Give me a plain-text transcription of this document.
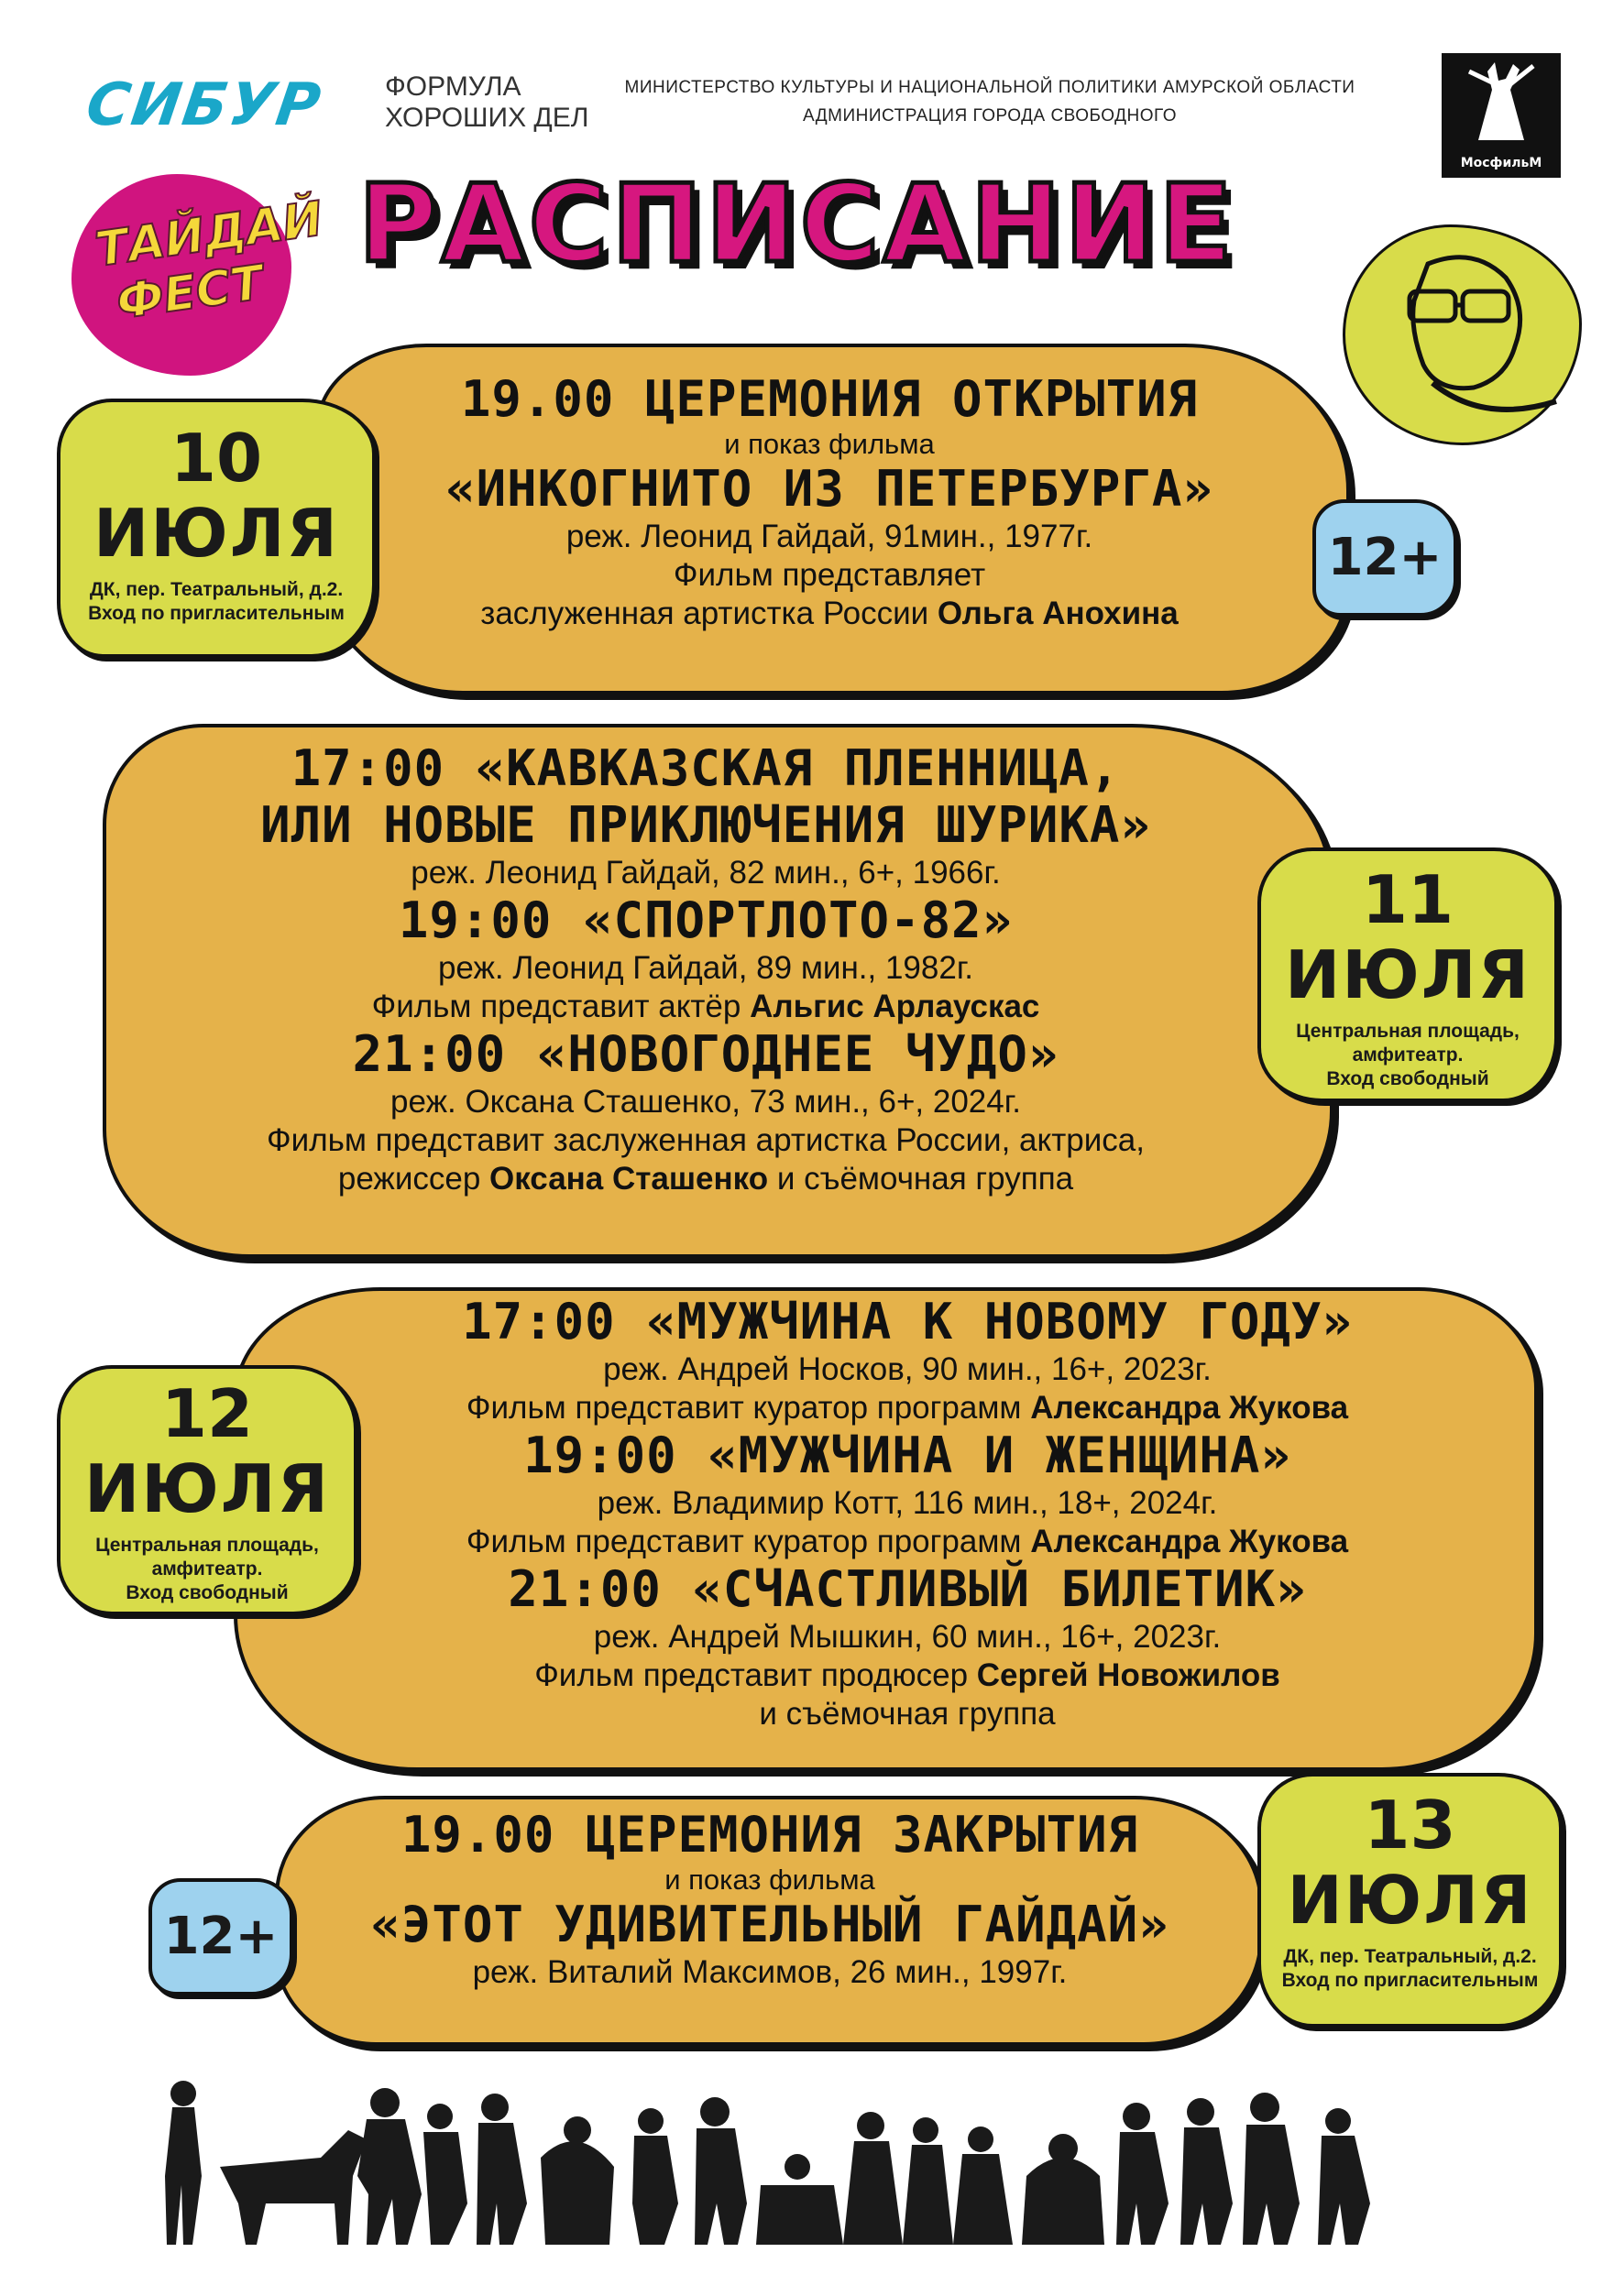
СИБУР ФОРМУЛА
ХОРОШИХ ДЕЛ
МИНИСТЕРСТВО КУЛЬТУРЫ И НАЦИОНАЛЬНОЙ ПОЛИТИКИ АМУРСКОЙ ОБЛАСТИ
АДМИНИСТРАЦИЯ ГОРОДА СВОБОДНОГО
МосфильМ
ТАЙДАЙ ФЕСТ
РАСПИСАНИЕ
10
ИЮЛЯ
ДК, пер. Театральный, д.2.
Вход по пригласительным
12+
19.00 ЦЕРЕМОНИЯ ОТКРЫТИЯ
и показ фильма
«ИНКОГНИТО ИЗ ПЕТЕРБУРГА»
реж. Леонид Гайдай, 91мин., 1977г.
Фильм представляет
заслуженная артистка России Ольга Анохина
11
ИЮЛЯ
Центральная площадь,
амфитеатр.
Вход свободный
17:00 «КАВКАЗСКАЯ ПЛЕННИЦА,
ИЛИ НОВЫЕ ПРИКЛЮЧЕНИЯ ШУРИКА»
реж. Леонид Гайдай, 82 мин., 6+, 1966г.
19:00 «СПОРТЛОТО-82»
реж. Леонид Гайдай, 89 мин., 1982г.
Фильм представит актёр Альгис Арлаускас
21:00 «НОВОГОДНЕЕ ЧУДО»
реж. Оксана Сташенко, 73 мин., 6+, 2024г.
Фильм представит заслуженная артистка России, актриса,
режиссер Оксана Сташенко и съёмочная группа
12
ИЮЛЯ
Центральная площадь,
амфитеатр.
Вход свободный
17:00 «МУЖЧИНА К НОВОМУ ГОДУ»
реж. Андрей Носков, 90 мин., 16+, 2023г.
Фильм представит куратор программ Александра Жукова
19:00 «МУЖЧИНА И ЖЕНЩИНА»
реж. Владимир Котт, 116 мин., 18+, 2024г.
Фильм представит куратор программ Александра Жукова
21:00 «СЧАСТЛИВЫЙ БИЛЕТИК»
реж. Андрей Мышкин, 60 мин., 16+, 2023г.
Фильм представит продюсер Сергей Новожилов
и съёмочная группа
13
ИЮЛЯ
ДК, пер. Театральный, д.2.
Вход по пригласительным
12+
19.00 ЦЕРЕМОНИЯ ЗАКРЫТИЯ
и показ фильма
«ЭТОТ УДИВИТЕЛЬНЫЙ ГАЙДАЙ»
реж. Виталий Максимов, 26 мин., 1997г.
